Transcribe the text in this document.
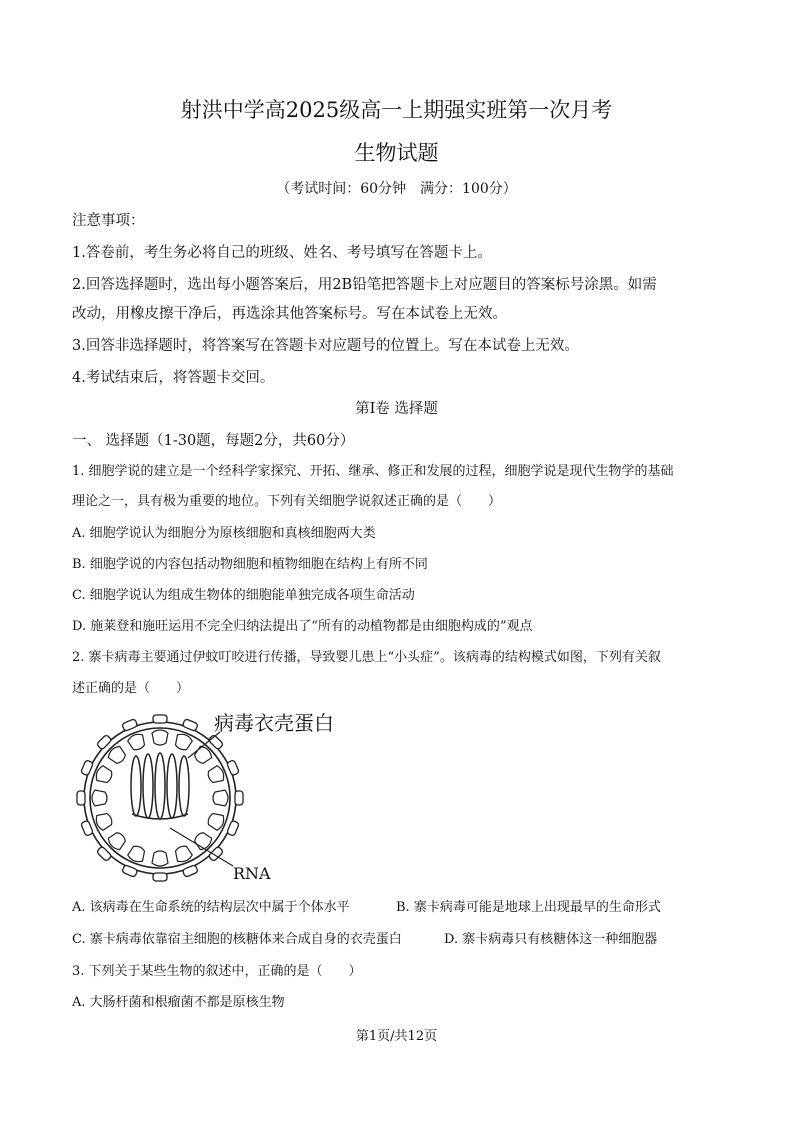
射洪中学高2025级高一上期强实班第一次月考
生物试题
（考试时间：60分钟　满分：100分）
注意事项：
1.答卷前，考生务必将自己的班级、姓名、考号填写在答题卡上。
2.回答选择题时，选出每小题答案后，用2B铅笔把答题卡上对应题目的答案标号涂黑。如需
改动，用橡皮擦干净后，再选涂其他答案标号。写在本试卷上无效。
3.回答非选择题时，将答案写在答题卡对应题号的位置上。写在本试卷上无效。
4.考试结束后，将答题卡交回。
第I卷 选择题
一、 选择题（1-30题，每题2分，共60分）
1. 细胞学说的建立是一个经科学家探究、开拓、继承、修正和发展的过程，细胞学说是现代生物学的基础
理论之一，具有极为重要的地位。下列有关细胞学说叙述正确的是（　　）
A. 细胞学说认为细胞分为原核细胞和真核细胞两大类
B. 细胞学说的内容包括动物细胞和植物细胞在结构上有所不同
C. 细胞学说认为组成生物体的细胞能单独完成各项生命活动
D. 施莱登和施旺运用不完全归纳法提出了“所有的动植物都是由细胞构成的”观点
2. 寨卡病毒主要通过伊蚊叮咬进行传播，导致婴儿患上“小头症”。该病毒的结构模式如图，下列有关叙
述正确的是（　　）
病毒衣壳蛋白
RNA
A. 该病毒在生命系统的结构层次中属于个体水平	B. 寨卡病毒可能是地球上出现最早的生命形式
C. 寨卡病毒依靠宿主细胞的核糖体来合成自身的衣壳蛋白	D. 寨卡病毒只有核糖体这一种细胞器
3. 下列关于某些生物的叙述中，正确的是（　　）
A. 大肠杆菌和根瘤菌不都是原核生物
第1页/共12页
